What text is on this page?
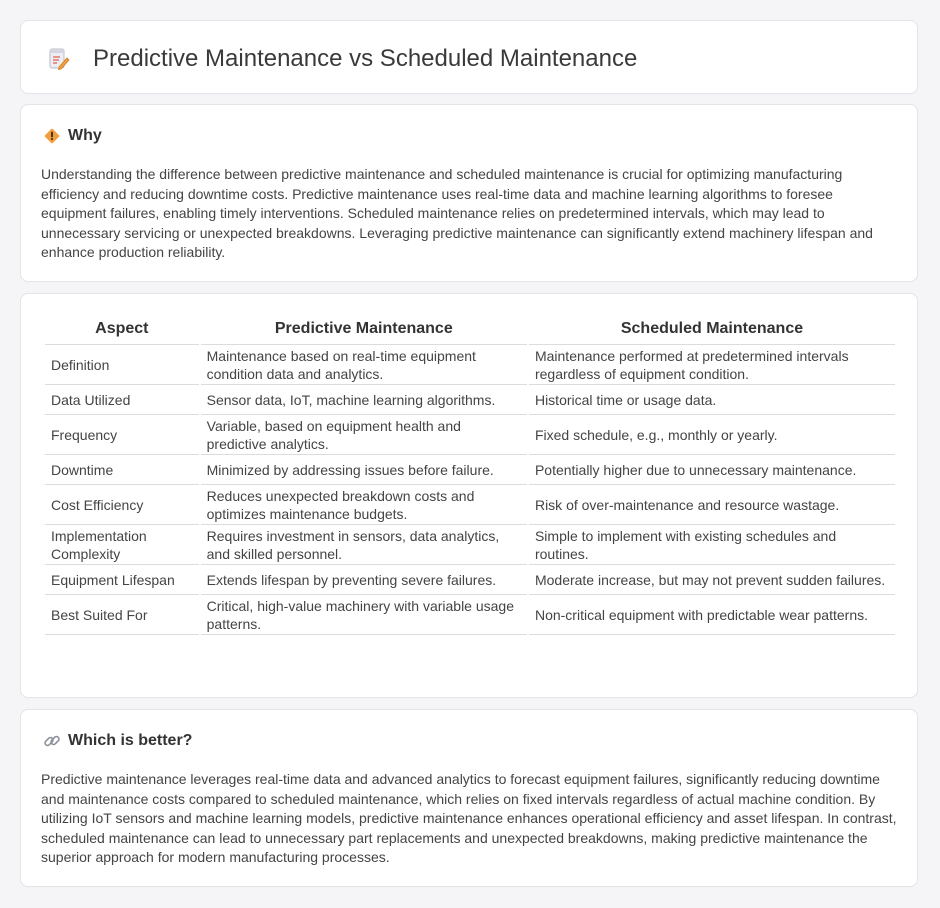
Predictive Maintenance vs Scheduled Maintenance
Why

Understanding the difference between predictive maintenance and scheduled maintenance is crucial for optimizing manufacturing efficiency and reducing downtime costs. Predictive maintenance uses real-time data and machine learning algorithms to foresee equipment failures, enabling timely interventions. Scheduled maintenance relies on predetermined intervals, which may lead to unnecessary servicing or unexpected breakdowns. Leveraging predictive maintenance can significantly extend machinery lifespan and enhance production reliability.

Aspect	Predictive Maintenance	Scheduled Maintenance
Definition	Maintenance based on real-time equipment condition data and analytics.	Maintenance performed at predetermined intervals regardless of equipment condition.
Data Utilized	Sensor data, IoT, machine learning algorithms.	Historical time or usage data.
Frequency	Variable, based on equipment health and predictive analytics.	Fixed schedule, e.g., monthly or yearly.
Downtime	Minimized by addressing issues before failure.	Potentially higher due to unnecessary maintenance.
Cost Efficiency	Reduces unexpected breakdown costs and optimizes maintenance budgets.	Risk of over-maintenance and resource wastage.
Implementation Complexity	Requires investment in sensors, data analytics, and skilled personnel.	Simple to implement with existing schedules and routines.
Equipment Lifespan	Extends lifespan by preventing severe failures.	Moderate increase, but may not prevent sudden failures.
Best Suited For	Critical, high-value machinery with variable usage patterns.	Non-critical equipment with predictable wear patterns.
Which is better?

Predictive maintenance leverages real-time data and advanced analytics to forecast equipment failures, significantly reducing downtime and maintenance costs compared to scheduled maintenance, which relies on fixed intervals regardless of actual machine condition. By utilizing IoT sensors and machine learning models, predictive maintenance enhances operational efficiency and asset lifespan. In contrast, scheduled maintenance can lead to unnecessary part replacements and unexpected breakdowns, making predictive maintenance the superior approach for modern manufacturing processes.
